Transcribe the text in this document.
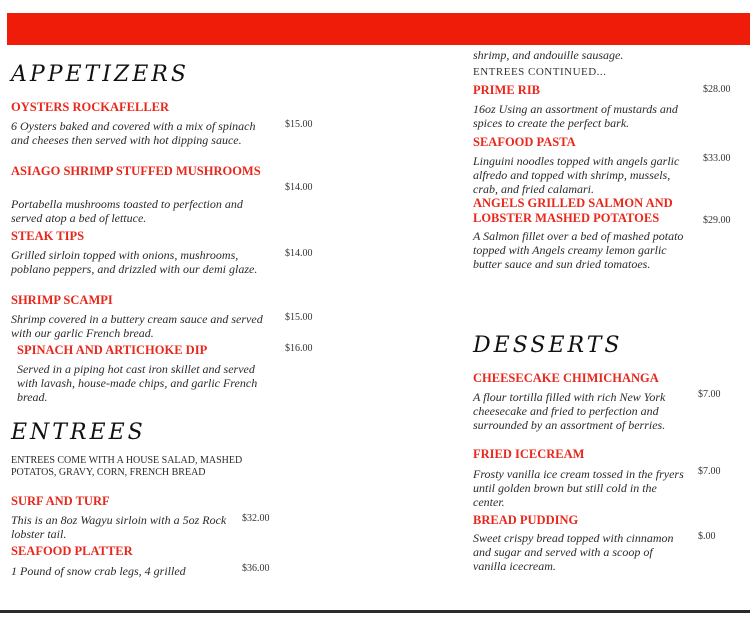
APPETIZERS
OYSTERS ROCKAFELLER
6 Oysters baked and covered with a mix of spinach and cheeses then served with hot dipping sauce.
$15.00
ASIAGO SHRIMP STUFFED MUSHROOMS
Portabella mushrooms toasted to perfection and served atop a bed of lettuce.
$14.00
STEAK TIPS
Grilled sirloin topped with onions, mushrooms, poblano peppers, and drizzled with our demi glaze.
$14.00
SHRIMP SCAMPI
Shrimp covered in a buttery cream sauce and served with our garlic French bread.
$15.00
SPINACH AND ARTICHOKE DIP
Served in a piping hot cast iron skillet and served with lavash, house-made chips, and garlic French bread.
$16.00
ENTREES
ENTREES COME WITH A HOUSE SALAD, MASHED POTATOS, GRAVY, CORN, FRENCH BREAD
SURF AND TURF
This is an 8oz Wagyu sirloin with a 5oz Rock lobster tail.
$32.00
SEAFOOD PLATTER
1 Pound of snow crab legs, 4 grilled	$36.00
shrimp, and andouille sausage.
ENTREES CONTINUED...
PRIME RIB
16oz Using an assortment of mustards and spices to create the perfect bark.
$28.00
SEAFOOD PASTA
Linguini noodles topped with angels garlic alfredo and topped with shrimp, mussels, crab, and fried calamari.
$33.00
ANGELS GRILLED SALMON AND LOBSTER MASHED POTATOES
A Salmon fillet over a bed of mashed potato topped with Angels creamy lemon garlic butter sauce and sun dried tomatoes.
$29.00
DESSERTS
CHEESECAKE CHIMICHANGA
A flour tortilla filled with rich New York cheesecake and fried to perfection and surrounded by an assortment of berries.
$7.00
FRIED ICECREAM
Frosty vanilla ice cream tossed in the fryers until golden brown but still cold in the center.
$7.00
BREAD PUDDING
Sweet crispy bread topped with cinnamon and sugar and served with a scoop of vanilla icecream.
$.00
